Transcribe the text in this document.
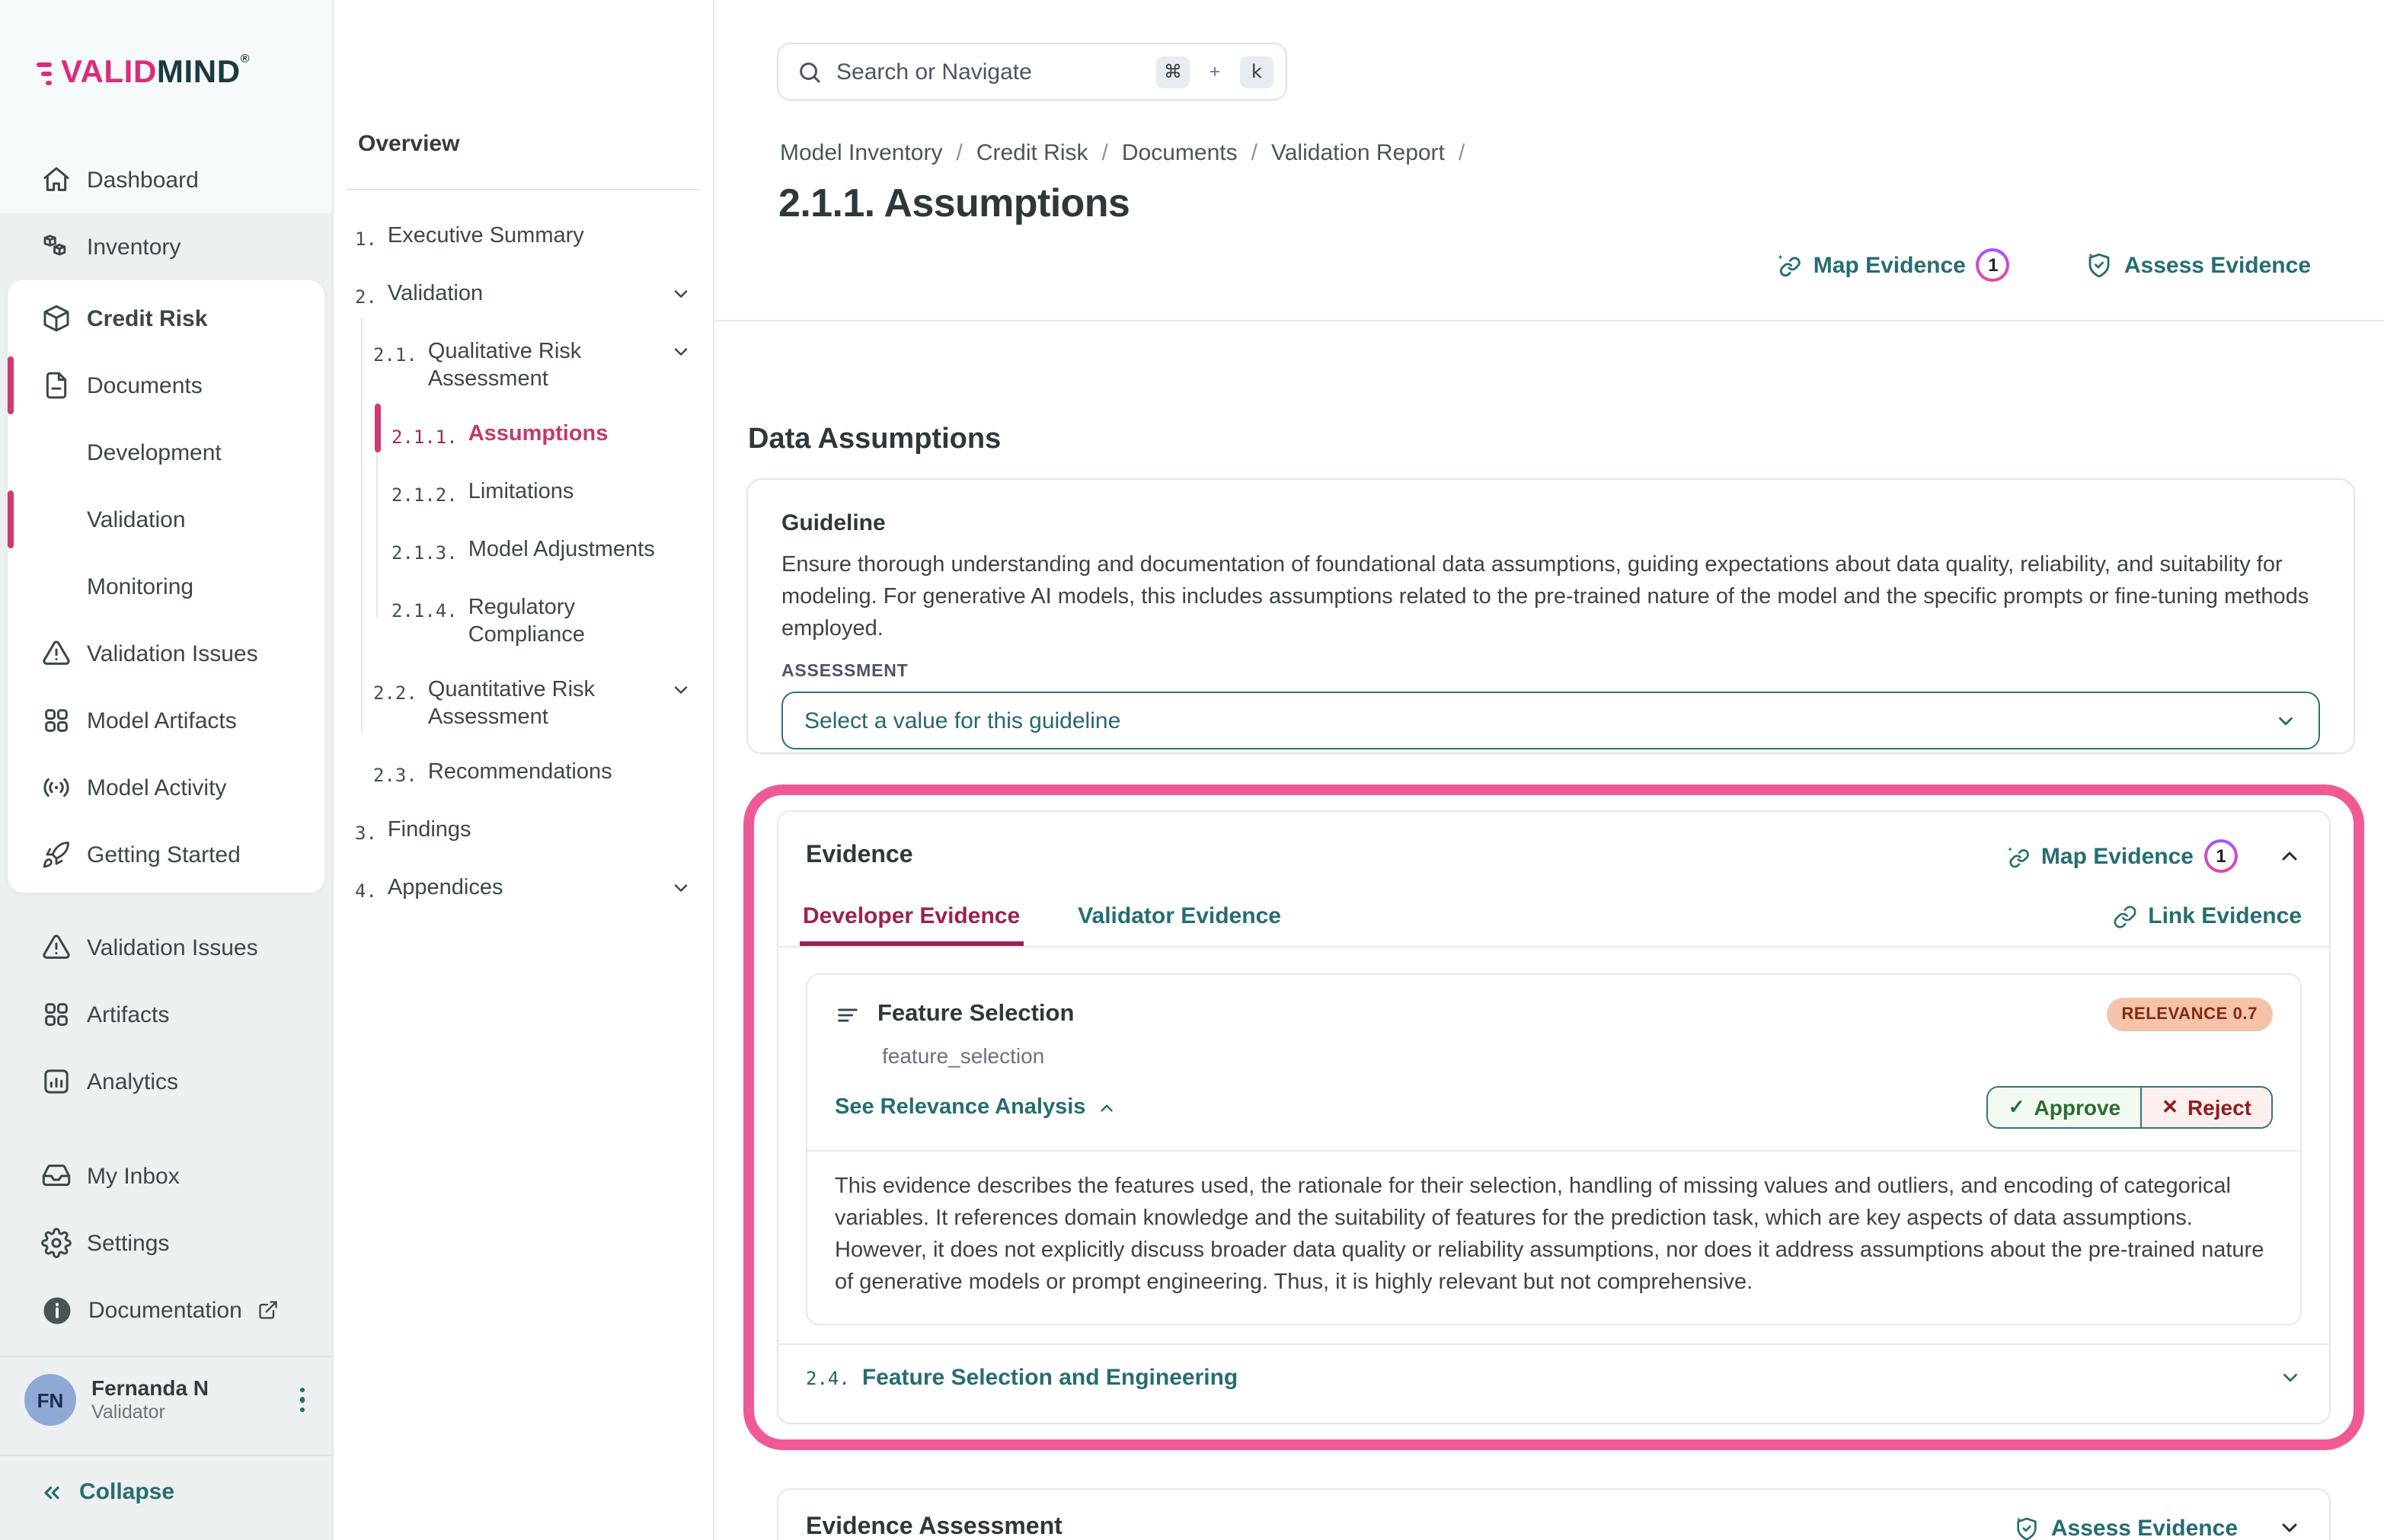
VALIDMIND®
Dashboard
Inventory
Credit Risk
Documents
Development
Validation
Monitoring
Validation Issues
Model Artifacts
Model Activity
Getting Started
Validation Issues
Artifacts
Analytics
My Inbox
Settings
Documentation
FN	Fernanda N
Validator
Collapse
Overview
1. Executive Summary
2. Validation
2.1. Qualitative Risk Assessment
2.1.1. Assumptions
2.1.2. Limitations
2.1.3. Model Adjustments
2.1.4. Regulatory Compliance
2.2. Quantitative Risk Assessment
2.3. Recommendations
3. Findings
4. Appendices
Search or Navigate
⌘	+	k
Model Inventory / Credit Risk / Documents / Validation Report /
2.1.1. Assumptions
Map Evidence	1	Assess Evidence
Data Assumptions
Guideline
Ensure thorough understanding and documentation of foundational data assumptions, guiding expectations about data quality, reliability, and suitability for modeling. For generative AI models, this includes assumptions related to the pre-trained nature of the model and the specific prompts or fine-tuning methods employed.
ASSESSMENT
Select a value for this guideline
Evidence	Map Evidence	1
Developer Evidence	Validator Evidence	Link Evidence
Feature Selection	RELEVANCE 0.7
feature_selection
See Relevance Analysis	✓ Approve	✕ Reject
This evidence describes the features used, the rationale for their selection, handling of missing values and outliers, and encoding of categorical variables. It references domain knowledge and the suitability of features for the prediction task, which are key aspects of data assumptions. However, it does not explicitly discuss broader data quality or reliability assumptions, nor does it address assumptions about the pre-trained nature of generative models or prompt engineering. Thus, it is highly relevant but not comprehensive.
2.4. Feature Selection and Engineering
Evidence Assessment	Assess Evidence
